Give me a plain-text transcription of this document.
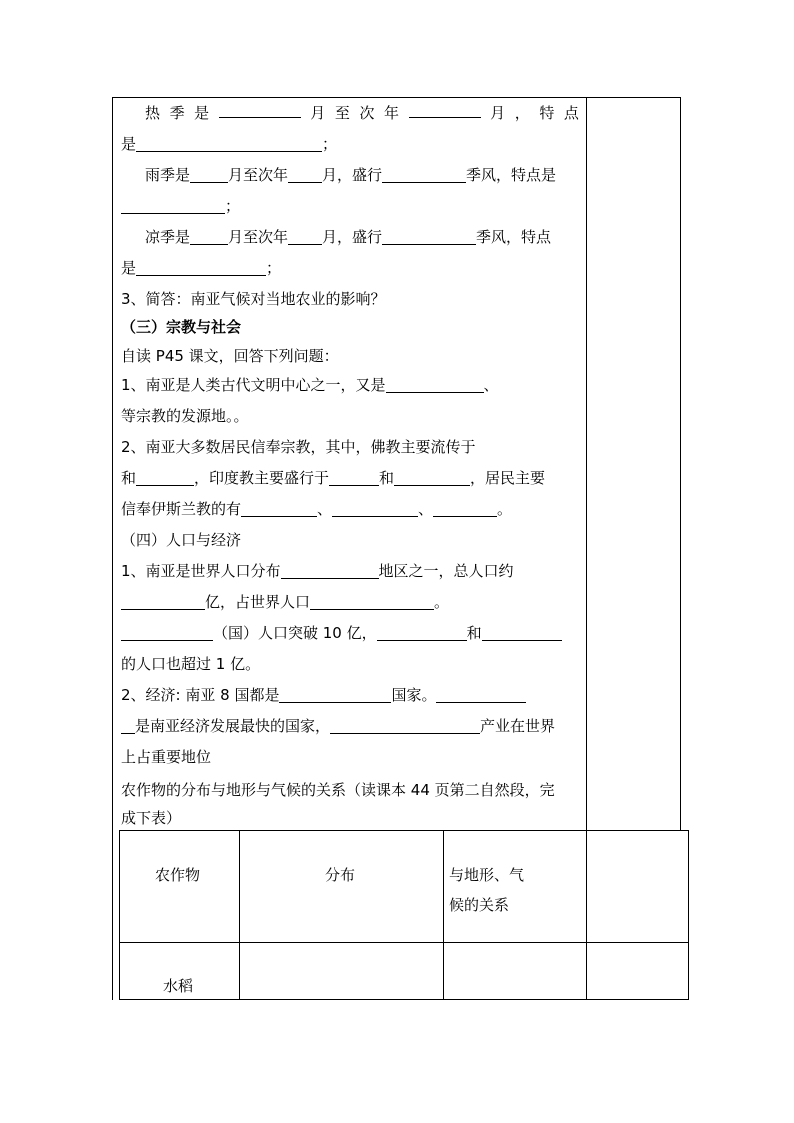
热 季 是	月 至 次 年	月 ， 特 点
是	；
雨季是	月至次年 月，盛行	季风，特点是
；
凉季是	月至次年 月，盛行	季风，特点
是	；
3、简答：南亚气候对当地农业的影响？
（三）宗教与社会
自读 P45 课文，回答下列问题：
1、南亚是人类古代文明中心之一，又是	、
等宗教的发源地。。
2、南亚大多数居民信奉宗教，其中，佛教主要流传于
和	，印度教主要盛行于	和	，居民主要
信奉伊斯兰教的有	、	、	。
（四）人口与经济
1、南亚是世界人口分布	地区之一，总人口约
亿，占世界人口	。
（国）人口突破 10 亿，	和
的人口也超过 1 亿。
2、经济: 南亚 8 国都是	国家。
是南亚经济发展最快的国家，	产业在世界
上占重要地位
农作物的分布与地形与气候的关系（读课本 44 页第二自然段，完
成下表）
农作物	分布	与地形、气
候的关系
水稻
